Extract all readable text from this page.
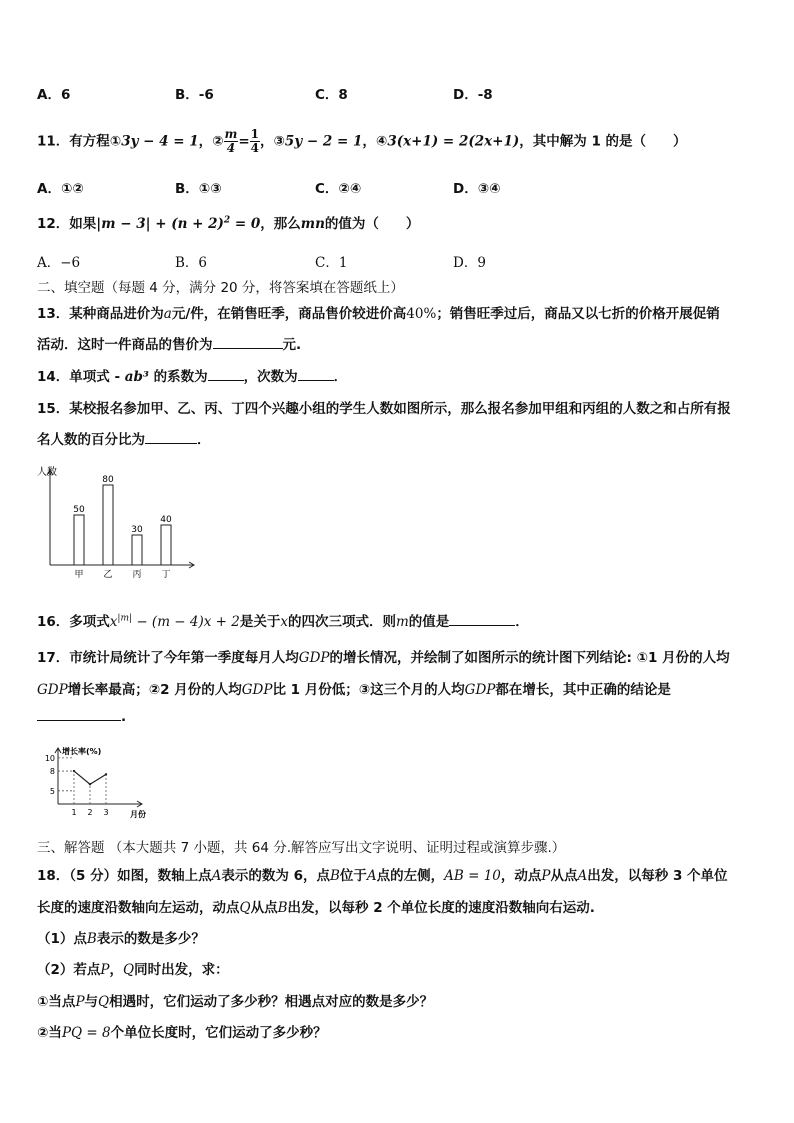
A．6	B．-6	C．8	D．-8
11．有方程①3y − 4 = 1，② $\frac{m}{4} = \frac{1}{4}$ ，③5y − 2 = 1，④3(x+1) = 2(2x+1)，其中解为 1 的是（　　）
A．①②	B．①③	C．②④	D．③④
12．如果$|m - 3| + (n + 2)^2 = 0$，那么mn的值为（　　）
A．−6	B．6	C．1	D．9
二、填空题（每题 4 分，满分 20 分，将答案填在答题纸上）
13．某种商品进价为a元/件，在销售旺季，商品售价较进价高40%；销售旺季过后，商品又以七折的价格开展促销
活动．这时一件商品的售价为	元.
14．单项式 - ab³ 的系数为	，次数为	．
15．某校报名参加甲、乙、丙、丁四个兴趣小组的学生人数如图所示，那么报名参加甲组和丙组的人数之和占所有报
名人数的百分比为	．
人数
50
甲
80
乙
30
丙
40
丁
16．多项式$x^{|m|} - (m - 4)x + 2$是关于x的四次三项式．则m的值是	．
17．市统计局统计了今年第一季度每月人均GDP的增长情况，并绘制了如图所示的统计图下列结论: ①1 月份的人均
GDP增长率最高；②2 月份的人均GDP比 1 月份低；③这三个月的人均GDP都在增长，其中正确的结论是
.
增长率(%)
月份
5
8
10
1 2 3
三、解答题 （本大题共 7 小题，共 64 分.解答应写出文字说明、证明过程或演算步骤.）
18．（5 分）如图，数轴上点A表示的数为 6，点B位于A点的左侧，AB = 10，动点P从点A出发，以每秒 3 个单位
长度的速度沿数轴向左运动，动点Q从点B出发，以每秒 2 个单位长度的速度沿数轴向右运动.
（1）点B表示的数是多少？
（2）若点P，Q同时出发，求：
①当点P与Q相遇时，它们运动了多少秒？相遇点对应的数是多少？
②当PQ = 8个单位长度时，它们运动了多少秒？
